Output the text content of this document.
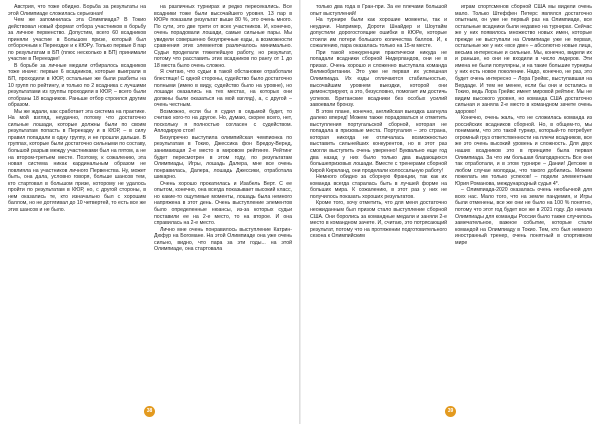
Австрия, что тоже обидно. Борьба за результаты на этой Олимпиаде сложилась серьезная!

Чем же запомнилась эта Олимпиада? В Токио действовал новый формат отбора участников в борьбу за личное первенство. Допустим, всего 60 всадников приняли участие в Большом призе, который был отборочным к Переездке и к КЮРу. Только первые 8 пар по результатам в БП (плюс несколько в БП) принимали участие в Переездке!

В борьбе за личные медали отбиралось всадников тоже иначе: первые 6 всадников, которые выиграли в БП, проходили в КЮР, остальные же были разбиты на 10 групп по рейтингу, и только по 2 всадника с лучшими результатами из группы проходили в КЮР, – всего были отобраны 18 всадников. Раньше отбор строился другим образом.

Мы же ждали, как сработает эта система на практике. На мой взгляд, неудачно, потому что достаточно сильные лошади, которые должны были по своим результатам попасть в Переездку и в КЮР, – в силу правил попадали в одну группу, и не прошли дальше. В группах, которые были достаточно сильными по составу, большой разрыв между участниками был на пятом, а не на втором-третьем месте. Поэтому, к сожалению, эта новая система никак кардинальным образом не повлияла на участников личного Первенства. Ну, может быть, она дала, условно говоря, больше шансов тем, кто стартовал в большом призе, которому не удалось пройти по результатам в КЮР, но, с другой стороны, в нем оказались те, кто изначально был с хорошим баллом, но не дотягивал до 10 четвертей, то есть все же этих шансов и не было.

на различных турнирах и редко пересекались. Все всадники тоже были высочайшего уровня. 13 пар в КЮРе показали результат выше 80 %, это очень много. По сути, это две трети от всех участников. И, конечно, очень порадовали лошади, самые сильные пары. Мы увидели совершенно безупречные езды, а возможности сравнения этих элементов различалось минимально. Судьи проделали тяжелейшую работу, но результат, потому что расставить этих всадников по рангу от 1 до 18 места было очень сложно.

Я считаю, что судьи в такой обстановке отработали блестяще! С одной стороны, судейство было достаточно полными (имею в виду, судейство было на уровне), но лошади оказались на тех местах, на которых они должны были оказаться на мой взгляд), а, с другой – очень честным.

Возможно, если бы я судил в седьмой будет, то считаю кого-то на другое. Но, думаю, скорее всего, нет, поскольку я полностью согласен с судейством. Аплодирую стоя!

Безупречно выступила олимпийская чемпионка по результатам в Токио, Джессика фон Бредоу-Вернд, занимающая 2-е место в мировом рейтинге. Рейтинг будет пересмотрен в этом году, по результатам Олимпиады, Игры, лошадь Далера, мне все очень понравилась, Далера, лошадь Джессики, отработала шикарно.

Очень хорошо прокатилась и Изабель Верт. С ее опытом, конечно, она всегда показывает высокий класс, но какие-то ощутимые моменты, лошадь была немного напряжена в этот день. Очень выступление элементов было определенные нюансы, из-за которых судьи поставили ее на 2-е место, то на второе. И она справилась на 2-е место.

Лично мне очень понравилось выступление Катрин-Дюфур на Богомане. На этой Олимпиаде она уже очень сильно, видно, что пара за эти годы... на этой Олимпиаде, она стартовала

38

только два года в Гран-при. За ее плечами большой опыт выступлений!

На турнире были как хорошие моменты, так и неудачи. Например, Дороти Шнайдер и Шоутайм допустили дорогостоящие ошибки в КЮРе, которые стоили им потери большого количества баллов. И, к сожалению, пара оказалась только на 15-м месте.

При такой конкуренции практически никуда не попадали всадники сборной Нидерландов, они не в призах. Очень хорошо и сложенно выступала команда Великобритании. Это уже не первая их успешная Олимпиада. Их езды отличаются стабильностью, высочайшим уровнем выездки, которой они демонстрируют, а это, безусловно, помогает им достичь успехов. Британские всадники без особых усилий завоевали бронзу.

В этом плане, конечно, английская выездка шагнула далеко вперед! Можем также порадоваться и отметить выступления португальской сборной, которая не попадала в призовые места. Португалия – это страна, которая никогда не отличалась возможностью выставить сильнейших конкурентов, но в этот раз смогли выступить очень уверенно! Буквально еще год два назад у них было только два выдающихся большепризовых лошади. Вместе с тренерами сборной Кирой Киркланд, они проделали колоссальную работу!

Немного обидно за сборную Франции, так как их команда всегда старалась быть в лучшей форме на больших мира. К сожалению, в этот раз у них не получилось показать хороших результатов.

Кроме того, хочу отметить, что для меня достаточно неожиданным был призом стало выступление сборной США. Они боролись за командные медали и заняли 2-е место в командном зачете. И, считаю, это потрясающий результат, потому что на протяжении подготовительного сезона к Олимпийским

играм спортсменов сборной США мы видели очень мало. Только Штеффен Петерс являлся достаточно опытным, он уже не первый раз на Олимпиаде, все остальные всадники были недавно на турнирах. Сейчас же у них появилось множество новых имен, которые прежде не выступали на Олимпиаде уже не первая, остальные же у них «все две» – абсолютно новые лица, весьма интересные и сильные. Мы, конечно, видели их и раньше, но они не входили в число лидеров. Эти имена не были популярны, и на такие большие турниры у них есть новое поколение. Надо, конечно, не раз, это будет очень интересно – Лора Грейвс, выступавшая на Вердаде. И тем не менее, если бы они и остались в Токио, ведь Лора Грейвс имеет мировой рейтинг. Мы не видим высокого уровня, но команда США достаточно сильная и заняла 2-е место в командном зачете очень здорово!

Конечно, очень жаль, что не сложилась команда из российских всадников сборной. Но, в общем-то, мы понимаем, что это такой турнир, который-то потребует огромный груз ответственности на плечи всадников, все же это очень высокий уровень и сложность. Для двух наших всадников это в принципе была первая Олимпиада. За что им большая благодарность Все они так отработали, и в этом турнире – Дании! Детские в любом случае молодцы, что такого добились. Можем пожелать им только успехов! – подели элементным Юрия Романова, международный судья 4*.

– Олимпиада-2020 оказалась очень необычной для всех нас. Мало того, что на земле пандемия, и Игры были отменены, все же они не было на 100 % понятно, потому что этот год будет все же в 2021 году. До начала Олимпиады для команды России было также случилось замечательное, важное событие, которые стали командой на Олимпиаду в Токио. Тем, кто был немного иностранный тренер, очень понятный в спортивном мире

39
